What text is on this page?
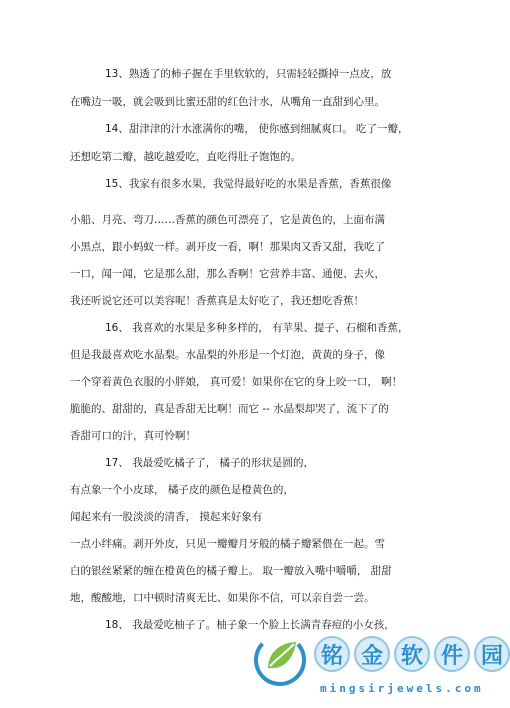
13、熟透了的柿子握在手里软软的，只需轻轻撕掉一点皮，放
在嘴边一吸，就会吸到比蜜还甜的红色汁水，从嘴角一直甜到心里。
14、甜津津的汁水涨满你的嘴， 使你感到细腻爽口。 吃了一瓣，
还想吃第二瓣，越吃越爱吃，直吃得肚子饱饱的。
15、我家有很多水果，我觉得最好吃的水果是香蕉，香蕉很像
小船、月亮、弯刀……香蕉的颜色可漂亮了，它是黄色的，上面布满
小黑点，跟小蚂蚁一样。剥开皮一看，啊！那果肉又香又甜，我吃了
一口，闻一闻，它是那么甜，那么香啊！它营养丰富、通便、去火，
我还听说它还可以美容呢！香蕉真是太好吃了，我还想吃香蕉！
16、 我喜欢的水果是多种多样的， 有苹果、提子、石榴和香蕉，
但是我最喜欢吃水晶梨。水晶梨的外形是一个灯泡，黄黄的身子，像
一个穿着黄色衣服的小胖娘， 真可爱！如果你在它的身上咬一口， 啊！
脆脆的、甜甜的，真是香甜无比啊！而它 -- 水晶梨却哭了，流下了的
香甜可口的汁，真可怜啊！
17、 我最爱吃橘子了， 橘子的形状是圆的，
有点象一个小皮球， 橘子皮的颜色是橙黄色的，
闻起来有一股淡淡的清香， 摸起来好象有
一点小绊痛。剥开外皮，只见一瓣瓣月牙般的橘子瓣紧偎在一起。雪
白的银丝紧紧的缠在橙黄色的橘子瓣上。 取一瓣放入嘴中嚼嚼， 甜甜
地，酸酸地，口中顿时清爽无比、如果你不信，可以亲自尝一尝。
18、 我最爱吃柚子了。柚子象一个脸上长满青春痘的小女孩，
铭 金 软 件 园
mingsirjewels.com
